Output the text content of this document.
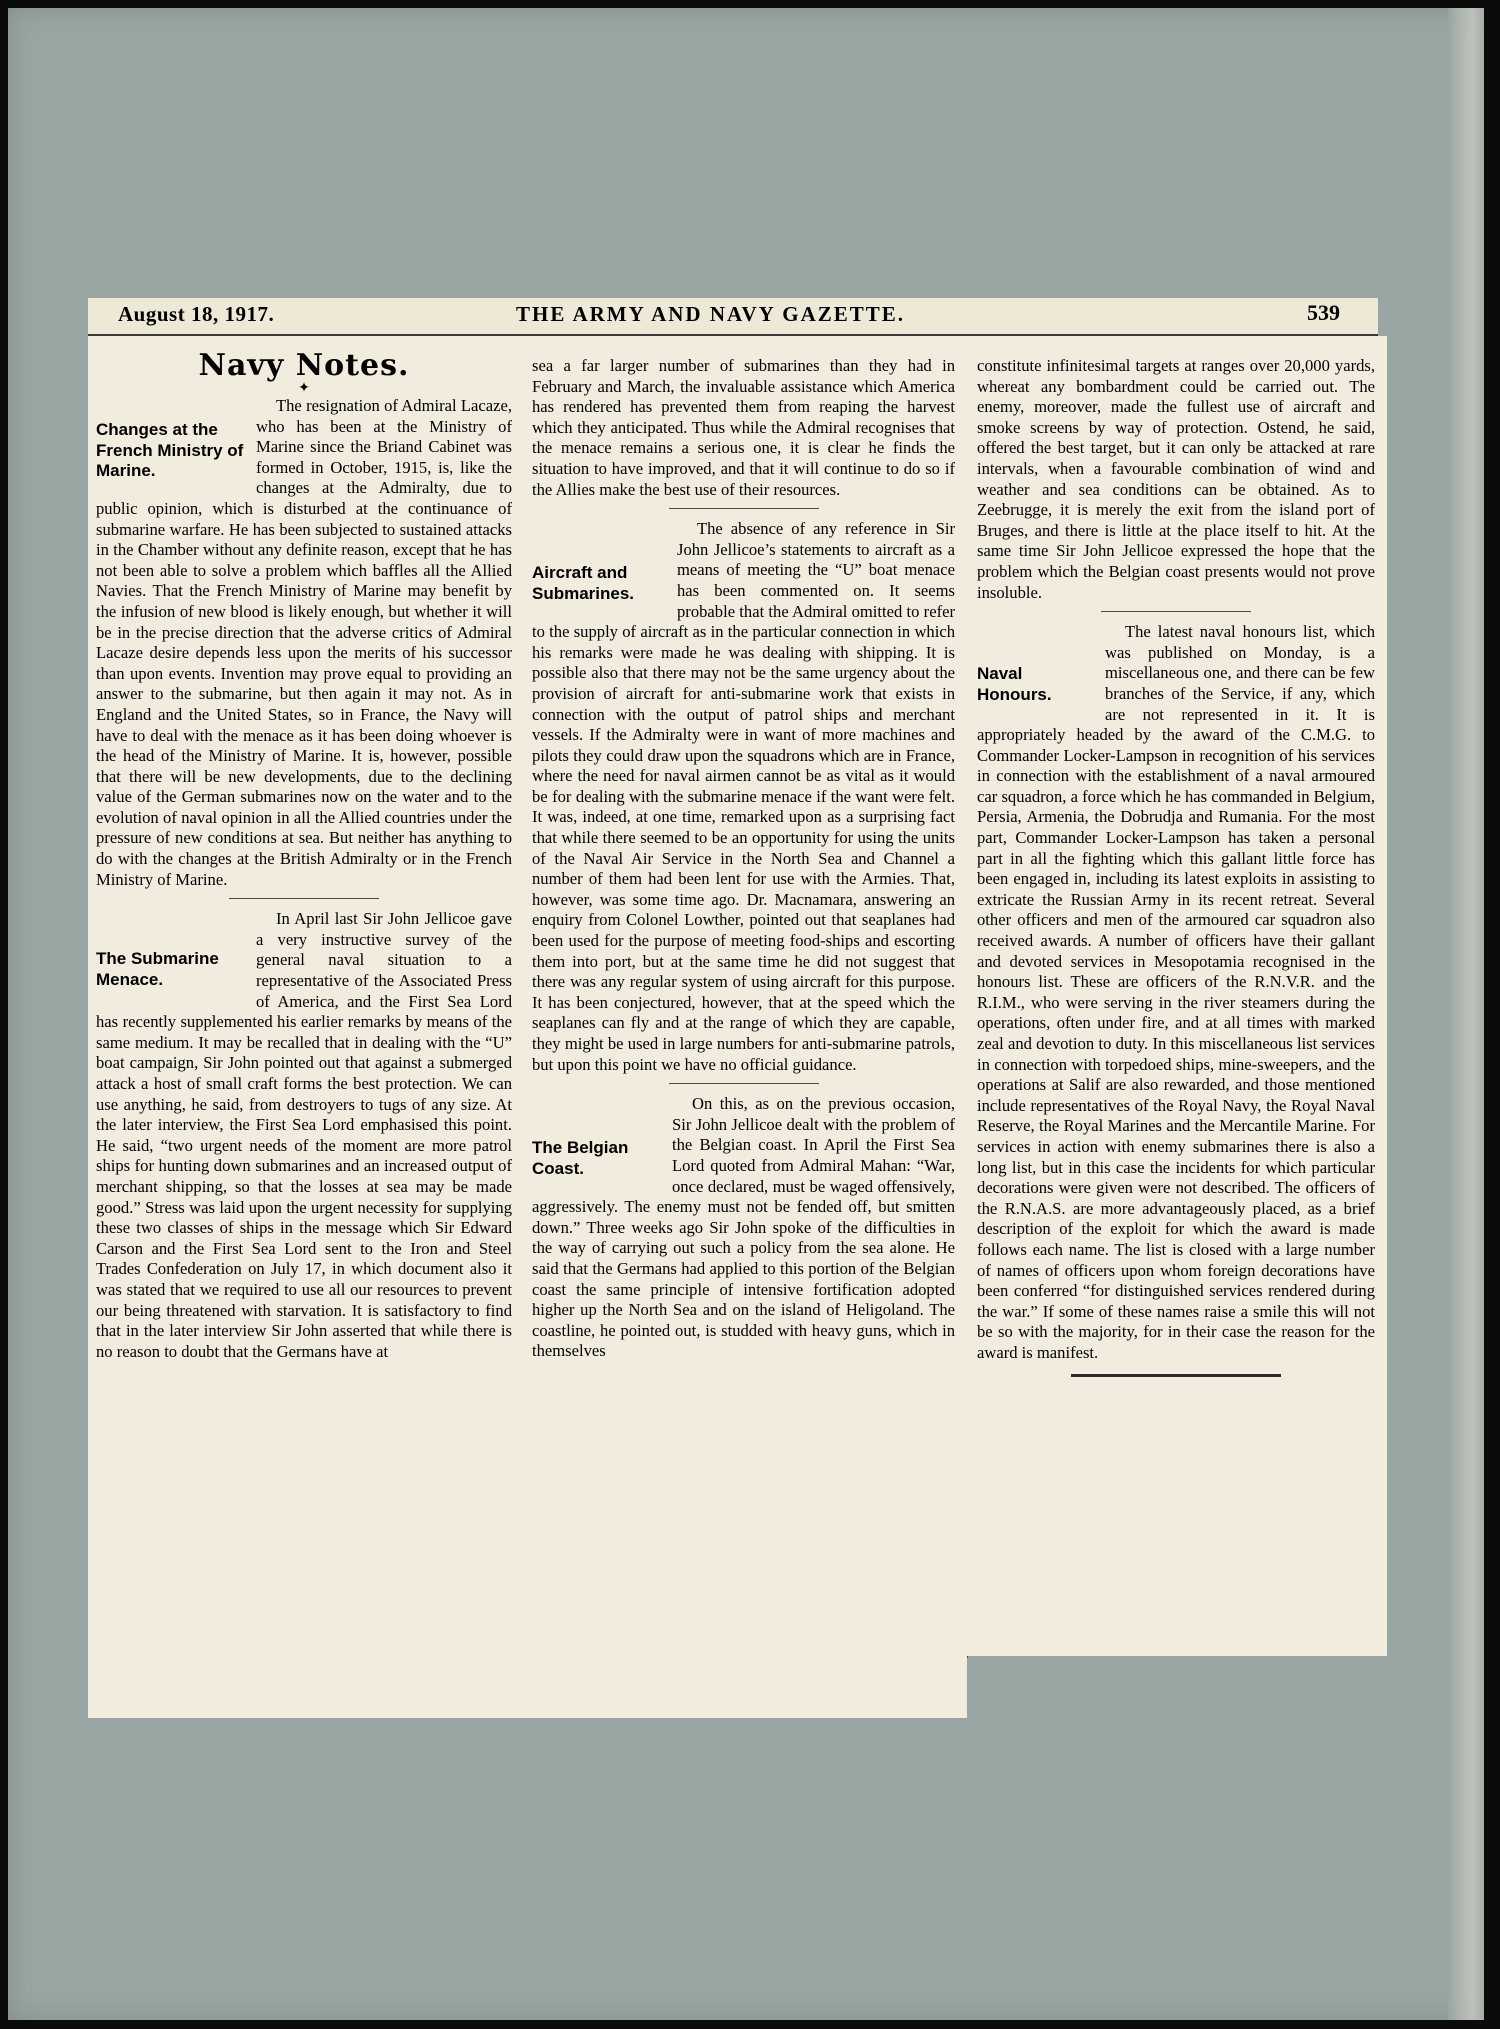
August 18, 1917.	THE ARMY AND NAVY GAZETTE.	539
Navy Notes.
✦
Changes at the French Ministry of Marine.

The resignation of Admiral Lacaze, who has been at the Ministry of Marine since the Briand Cabinet was formed in October, 1915, is, like the changes at the Admiralty, due to public opinion, which is disturbed at the continuance of submarine warfare. He has been subjected to sustained attacks in the Chamber without any definite reason, except that he has not been able to solve a problem which baffles all the Allied Navies. That the French Ministry of Marine may benefit by the infusion of new blood is likely enough, but whether it will be in the precise direction that the adverse critics of Admiral Lacaze desire depends less upon the merits of his successor than upon events. Invention may prove equal to providing an answer to the submarine, but then again it may not. As in England and the United States, so in France, the Navy will have to deal with the menace as it has been doing whoever is the head of the Ministry of Marine. It is, however, possible that there will be new developments, due to the declining value of the German submarines now on the water and to the evolution of naval opinion in all the Allied countries under the pressure of new conditions at sea. But neither has anything to do with the changes at the British Admiralty or in the French Ministry of Marine.

The Submarine Menace.

In April last Sir John Jellicoe gave a very instructive survey of the general naval situation to a representative of the Associated Press of America, and the First Sea Lord has recently supplemented his earlier remarks by means of the same medium. It may be recalled that in dealing with the “U” boat campaign, Sir John pointed out that against a submerged attack a host of small craft forms the best protection. We can use anything, he said, from destroyers to tugs of any size. At the later interview, the First Sea Lord emphasised this point. He said, “two urgent needs of the moment are more patrol ships for hunting down submarines and an increased output of merchant shipping, so that the losses at sea may be made good.” Stress was laid upon the urgent necessity for supplying these two classes of ships in the message which Sir Edward Carson and the First Sea Lord sent to the Iron and Steel Trades Confederation on July 17, in which document also it was stated that we required to use all our resources to prevent our being threatened with starvation. It is satisfactory to find that in the later interview Sir John asserted that while there is no reason to doubt that the Germans have at

sea a far larger number of submarines than they had in February and March, the invaluable assistance which America has rendered has prevented them from reaping the harvest which they anticipated. Thus while the Admiral recognises that the menace remains a serious one, it is clear he finds the situation to have improved, and that it will continue to do so if the Allies make the best use of their resources.

Aircraft and Submarines.

The absence of any reference in Sir John Jellicoe’s statements to aircraft as a means of meeting the “U” boat menace has been commented on. It seems probable that the Admiral omitted to refer to the supply of aircraft as in the particular connection in which his remarks were made he was dealing with shipping. It is possible also that there may not be the same urgency about the provision of aircraft for anti-submarine work that exists in connection with the output of patrol ships and merchant vessels. If the Admiralty were in want of more machines and pilots they could draw upon the squadrons which are in France, where the need for naval airmen cannot be as vital as it would be for dealing with the submarine menace if the want were felt. It was, indeed, at one time, remarked upon as a surprising fact that while there seemed to be an opportunity for using the units of the Naval Air Service in the North Sea and Channel a number of them had been lent for use with the Armies. That, however, was some time ago. Dr. Macnamara, answering an enquiry from Colonel Lowther, pointed out that seaplanes had been used for the purpose of meeting food-ships and escorting them into port, but at the same time he did not suggest that there was any regular system of using aircraft for this purpose. It has been conjectured, however, that at the speed which the seaplanes can fly and at the range of which they are capable, they might be used in large numbers for anti-submarine patrols, but upon this point we have no official guidance.

The Belgian Coast.

On this, as on the previous occasion, Sir John Jellicoe dealt with the problem of the Belgian coast. In April the First Sea Lord quoted from Admiral Mahan: “War, once declared, must be waged offensively, aggressively. The enemy must not be fended off, but smitten down.” Three weeks ago Sir John spoke of the difficulties in the way of carrying out such a policy from the sea alone. He said that the Germans had applied to this portion of the Belgian coast the same principle of intensive fortification adopted higher up the North Sea and on the island of Heligoland. The coastline, he pointed out, is studded with heavy guns, which in themselves

constitute infinitesimal targets at ranges over 20,000 yards, whereat any bombardment could be carried out. The enemy, moreover, made the fullest use of aircraft and smoke screens by way of protection. Ostend, he said, offered the best target, but it can only be attacked at rare intervals, when a favourable combination of wind and weather and sea conditions can be obtained. As to Zeebrugge, it is merely the exit from the island port of Bruges, and there is little at the place itself to hit. At the same time Sir John Jellicoe expressed the hope that the problem which the Belgian coast presents would not prove insoluble.

Naval Honours.

The latest naval honours list, which was published on Monday, is a miscellaneous one, and there can be few branches of the Service, if any, which are not represented in it. It is appropriately headed by the award of the C.M.G. to Commander Locker-Lampson in recognition of his services in connection with the establishment of a naval armoured car squadron, a force which he has commanded in Belgium, Persia, Armenia, the Dobrudja and Rumania. For the most part, Commander Locker-Lampson has taken a personal part in all the fighting which this gallant little force has been engaged in, including its latest exploits in assisting to extricate the Russian Army in its recent retreat. Several other officers and men of the armoured car squadron also received awards. A number of officers have their gallant and devoted services in Mesopotamia recognised in the honours list. These are officers of the R.N.V.R. and the R.I.M., who were serving in the river steamers during the operations, often under fire, and at all times with marked zeal and devotion to duty. In this miscellaneous list services in connection with torpedoed ships, mine-sweepers, and the operations at Salif are also rewarded, and those mentioned include representatives of the Royal Navy, the Royal Naval Reserve, the Royal Marines and the Mercantile Marine. For services in action with enemy submarines there is also a long list, but in this case the incidents for which particular decorations were given were not described. The officers of the R.N.A.S. are more advantageously placed, as a brief description of the exploit for which the award is made follows each name. The list is closed with a large number of names of officers upon whom foreign decorations have been conferred “for distinguished services rendered during the war.” If some of these names raise a smile this will not be so with the majority, for in their case the reason for the award is manifest.
